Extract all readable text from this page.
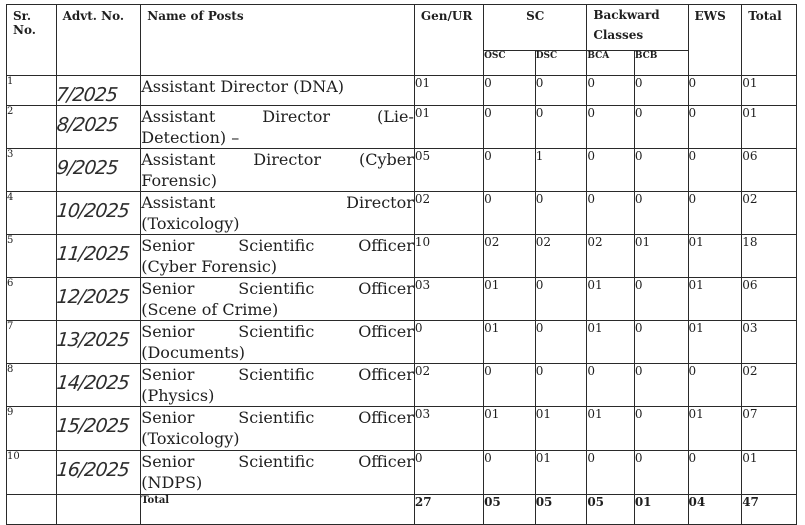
Sr. No.	Advt. No.	Name of Posts	Gen/UR	SC		Backward Classes		EWS	Total
				OSC	DSC	BCA	BCB		
1	7/2025	Assistant Director (DNA)	01	0	0	0	0	0	01
2	8/2025	Assistant Director (Lie-
Detection) –	01	0	0	0	0	0	01
3	9/2025	Assistant Director (Cyber
Forensic)	05	0	1	0	0	0	06
4	10/2025	Assistant Director
(Toxicology)	02	0	0	0	0	0	02
5	11/2025	Senior Scientific Officer
(Cyber Forensic)	10	02	02	02	01	01	18
6	12/2025	Senior Scientific Officer
(Scene of Crime)	03	01	0	01	0	01	06
7	13/2025	Senior Scientific Officer
(Documents)	0	01	0	01	0	01	03
8	14/2025	Senior Scientific Officer
(Physics)	02	0	0	0	0	0	02
9	15/2025	Senior Scientific Officer
(Toxicology)	03	01	01	01	0	01	07
10	16/2025	Senior Scientific Officer
(NDPS)	0	0	01	0	0	0	01
		Total	27	05	05	05	01	04	47
